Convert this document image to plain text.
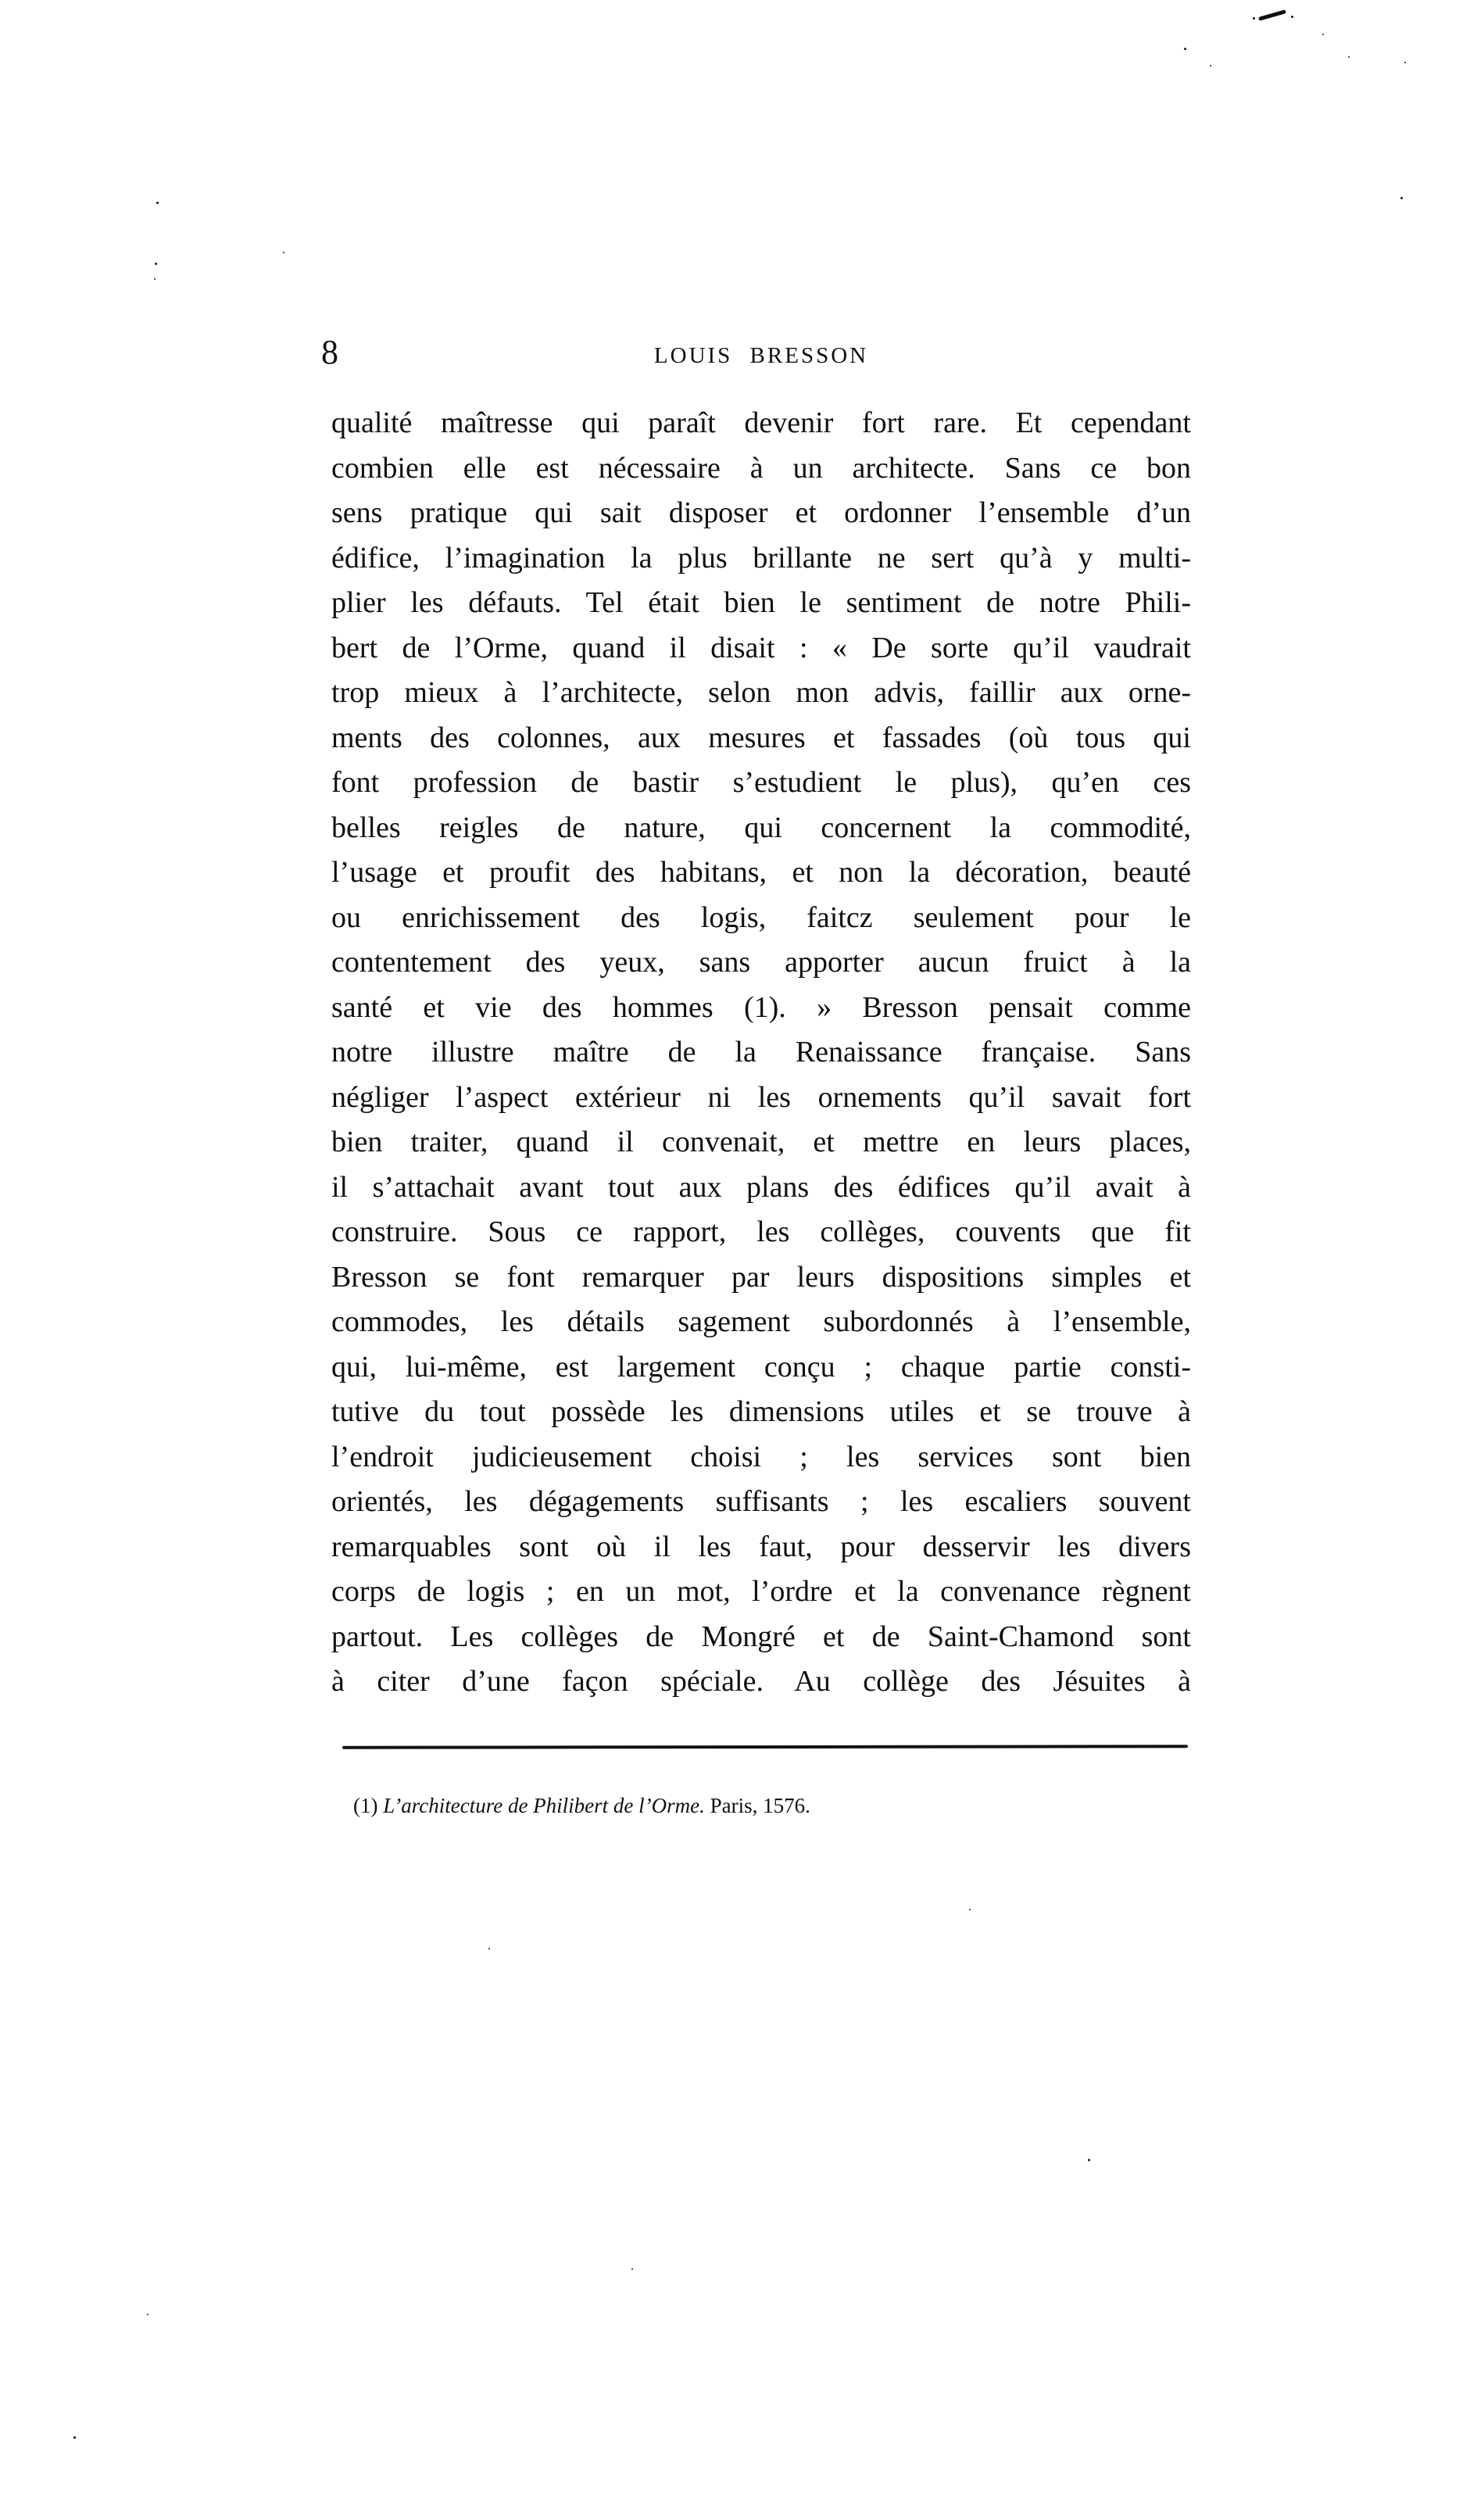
8	LOUIS BRESSON
qualité maîtresse qui paraît devenir fort rare. Et cependant
combien elle est nécessaire à un architecte. Sans ce bon
sens pratique qui sait disposer et ordonner l’ensemble d’un
édifice, l’imagination la plus brillante ne sert qu’à y multi-
plier les défauts. Tel était bien le sentiment de notre Phili-
bert de l’Orme, quand il disait : « De sorte qu’il vaudrait
trop mieux à l’architecte, selon mon advis, faillir aux orne-
ments des colonnes, aux mesures et fassades (où tous qui
font profession de bastir s’estudient le plus), qu’en ces
belles reigles de nature, qui concernent la commodité,
l’usage et proufit des habitans, et non la décoration, beauté
ou enrichissement des logis, faitcz seulement pour le
contentement des yeux, sans apporter aucun fruict à la
santé et vie des hommes (1). » Bresson pensait comme
notre illustre maître de la Renaissance française. Sans
négliger l’aspect extérieur ni les ornements qu’il savait fort
bien traiter, quand il convenait, et mettre en leurs places,
il s’attachait avant tout aux plans des édifices qu’il avait à
construire. Sous ce rapport, les collèges, couvents que fit
Bresson se font remarquer par leurs dispositions simples et
commodes, les détails sagement subordonnés à l’ensemble,
qui, lui-même, est largement conçu ; chaque partie consti-
tutive du tout possède les dimensions utiles et se trouve à
l’endroit judicieusement choisi ; les services sont bien
orientés, les dégagements suffisants ; les escaliers souvent
remarquables sont où il les faut, pour desservir les divers
corps de logis ; en un mot, l’ordre et la convenance règnent
partout. Les collèges de Mongré et de Saint-Chamond sont
à citer d’une façon spéciale. Au collège des Jésuites à
(1) L’architecture de Philibert de l’Orme. Paris, 1576.
